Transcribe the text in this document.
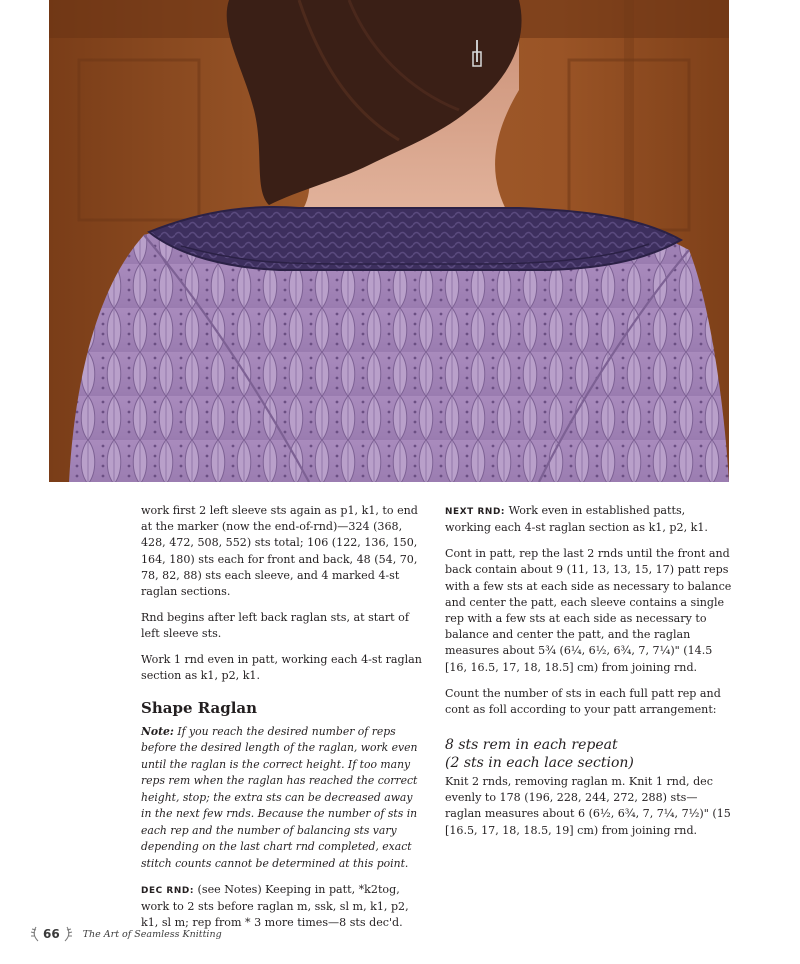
work first 2 left sleeve sts again as p1, k1, to end at the marker (now the end-of-rnd)—324 (368, 428, 472, 508, 552) sts total; 106 (122, 136, 150, 164, 180) sts each for front and back, 48 (54, 70, 78, 82, 88) sts each sleeve, and 4 marked 4-st raglan sections.

Rnd begins after left back raglan sts, at start of left sleeve sts.

Work 1 rnd even in patt, working each 4-st raglan section as k1, p2, k1.

Shape Raglan

Note: If you reach the desired number of reps before the desired length of the raglan, work even until the raglan is the correct height. If too many reps rem when the raglan has reached the correct height, stop; the extra sts can be decreased away in the next few rnds. Because the number of sts in each rep and the number of balancing sts vary depending on the last chart rnd completed, exact stitch counts cannot be determined at this point.

DEC RND: (see Notes) Keeping in patt, *k2tog, work to 2 sts before raglan m, ssk, sl m, k1, p2, k1, sl m; rep from * 3 more times—8 sts dec'd.

NEXT RND: Work even in established patts, working each 4-st raglan section as k1, p2, k1.

Cont in patt, rep the last 2 rnds until the front and back contain about 9 (11, 13, 13, 15, 17) patt reps with a few sts at each side as necessary to balance and center the patt, each sleeve contains a single rep with a few sts at each side as necessary to balance and center the patt, and the raglan measures about 5¾ (6¼, 6½, 6¾, 7, 7¼)" (14.5 [16, 16.5, 17, 18, 18.5] cm) from joining rnd.

Count the number of sts in each full patt rep and cont as foll according to your patt arrangement:

8 sts rem in each repeat
(2 sts in each lace section)

Knit 2 rnds, removing raglan m. Knit 1 rnd, dec evenly to 178 (196, 228, 244, 272, 288) sts—raglan measures about 6 (6½, 6¾, 7, 7¼, 7½)" (15 [16.5, 17, 18, 18.5, 19] cm) from joining rnd.

66 The Art of Seamless Knitting
